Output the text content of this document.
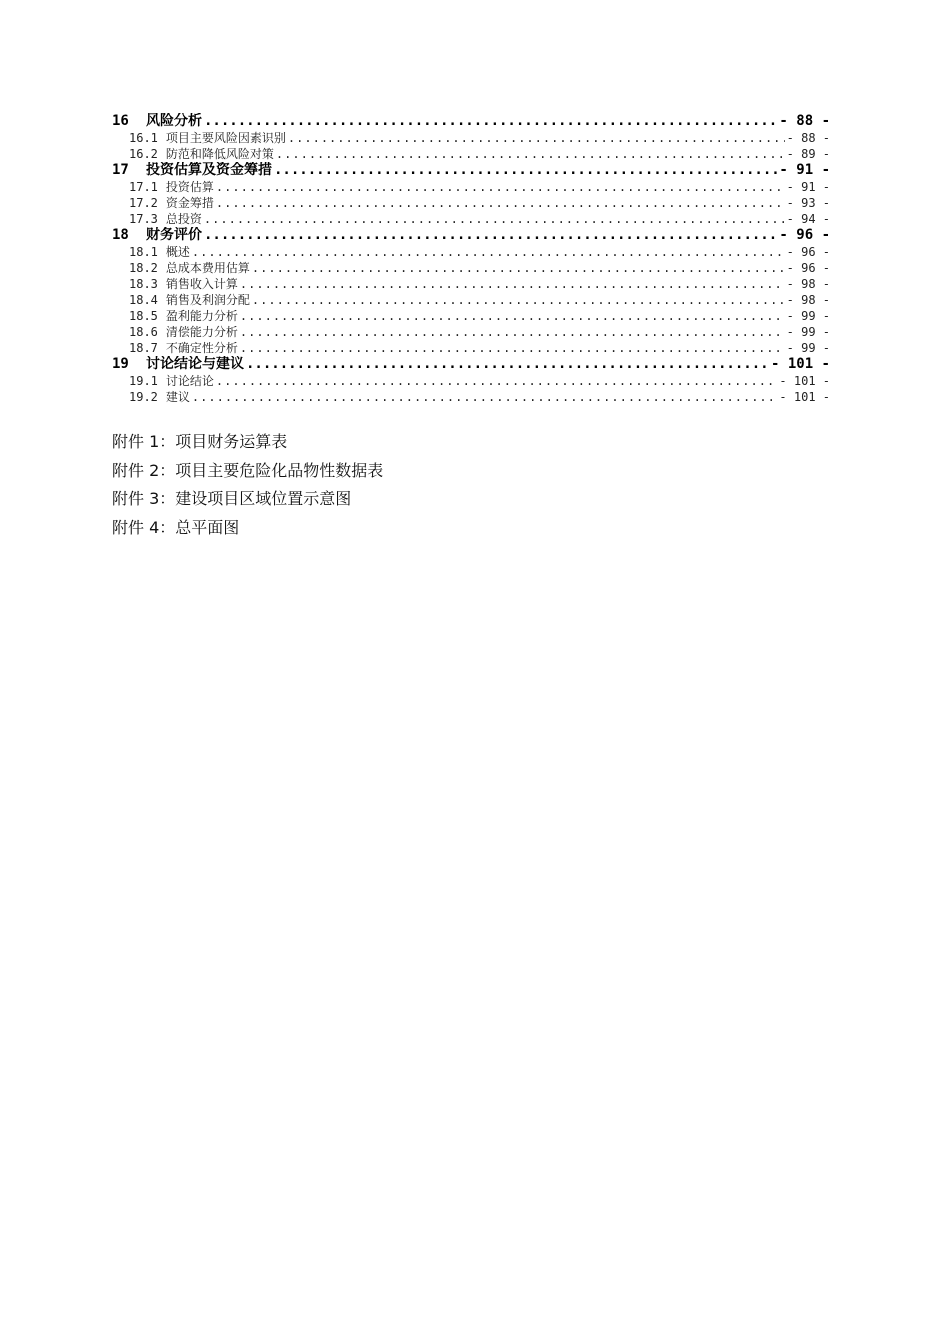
16	风险分析 .....	- 88 -
16.1 项目主要风险因素识别 .....	- 88 -
16.2 防范和降低风险对策 .....	- 89 -
17	投资估算及资金筹措 .....	- 91 -
17.1 投资估算 .....	- 91 -
17.2 资金筹措 .....	- 93 -
17.3 总投资 .....	- 94 -
18	财务评价 .....	- 96 -
18.1 概述 .....	- 96 -
18.2 总成本费用估算 .....	- 96 -
18.3 销售收入计算 .....	- 98 -
18.4 销售及利润分配 .....	- 98 -
18.5 盈利能力分析 .....	- 99 -
18.6 清偿能力分析 .....	- 99 -
18.7 不确定性分析 .....	- 99 -
19	讨论结论与建议 .....	- 101 -
19.1 讨论结论 .....	- 101 -
19.2 建议 .....	- 101 -
附件 1：项目财务运算表
附件 2：项目主要危险化品物性数据表
附件 3：建设项目区域位置示意图
附件 4：总平面图
